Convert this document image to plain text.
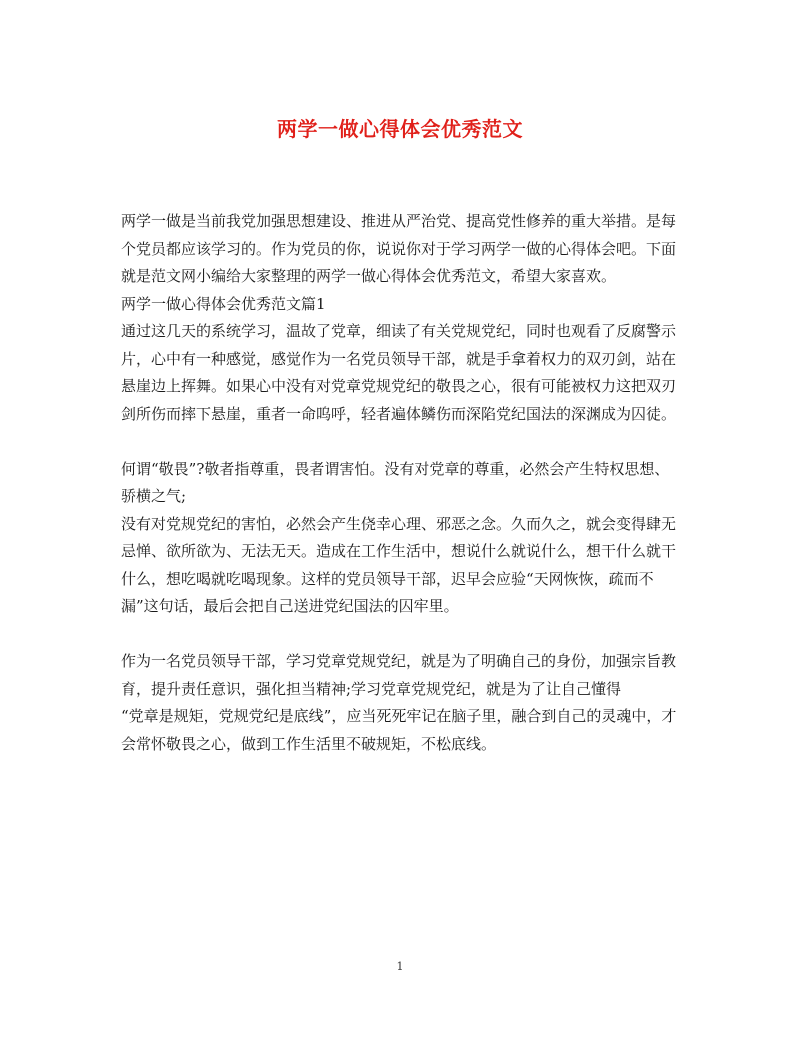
两学一做心得体会优秀范文

两学一做是当前我党加强思想建设、推进从严治党、提高党性修养的重大举措。是每个党员都应该学习的。作为党员的你，说说你对于学习两学一做的心得体会吧。下面就是范文网小编给大家整理的两学一做心得体会优秀范文，希望大家喜欢。

两学一做心得体会优秀范文篇1

通过这几天的系统学习，温故了党章，细读了有关党规党纪，同时也观看了反腐警示片，心中有一种感觉，感觉作为一名党员领导干部，就是手拿着权力的双刃剑，站在悬崖边上挥舞。如果心中没有对党章党规党纪的敬畏之心，很有可能被权力这把双刃剑所伤而摔下悬崖，重者一命呜呼，轻者遍体鳞伤而深陷党纪国法的深渊成为囚徒。

何谓“敬畏”?敬者指尊重，畏者谓害怕。没有对党章的尊重，必然会产生特权思想、骄横之气;

没有对党规党纪的害怕，必然会产生侥幸心理、邪恶之念。久而久之，就会变得肆无忌惮、欲所欲为、无法无天。造成在工作生活中，想说什么就说什么，想干什么就干什么，想吃喝就吃喝现象。这样的党员领导干部，迟早会应验“天网恢恢，疏而不漏”这句话，最后会把自己送进党纪国法的囚牢里。

作为一名党员领导干部，学习党章党规党纪，就是为了明确自己的身份，加强宗旨教育，提升责任意识，强化担当精神;学习党章党规党纪，就是为了让自己懂得

“党章是规矩，党规党纪是底线”，应当死死牢记在脑子里，融合到自己的灵魂中，才会常怀敬畏之心，做到工作生活里不破规矩，不松底线。

1
